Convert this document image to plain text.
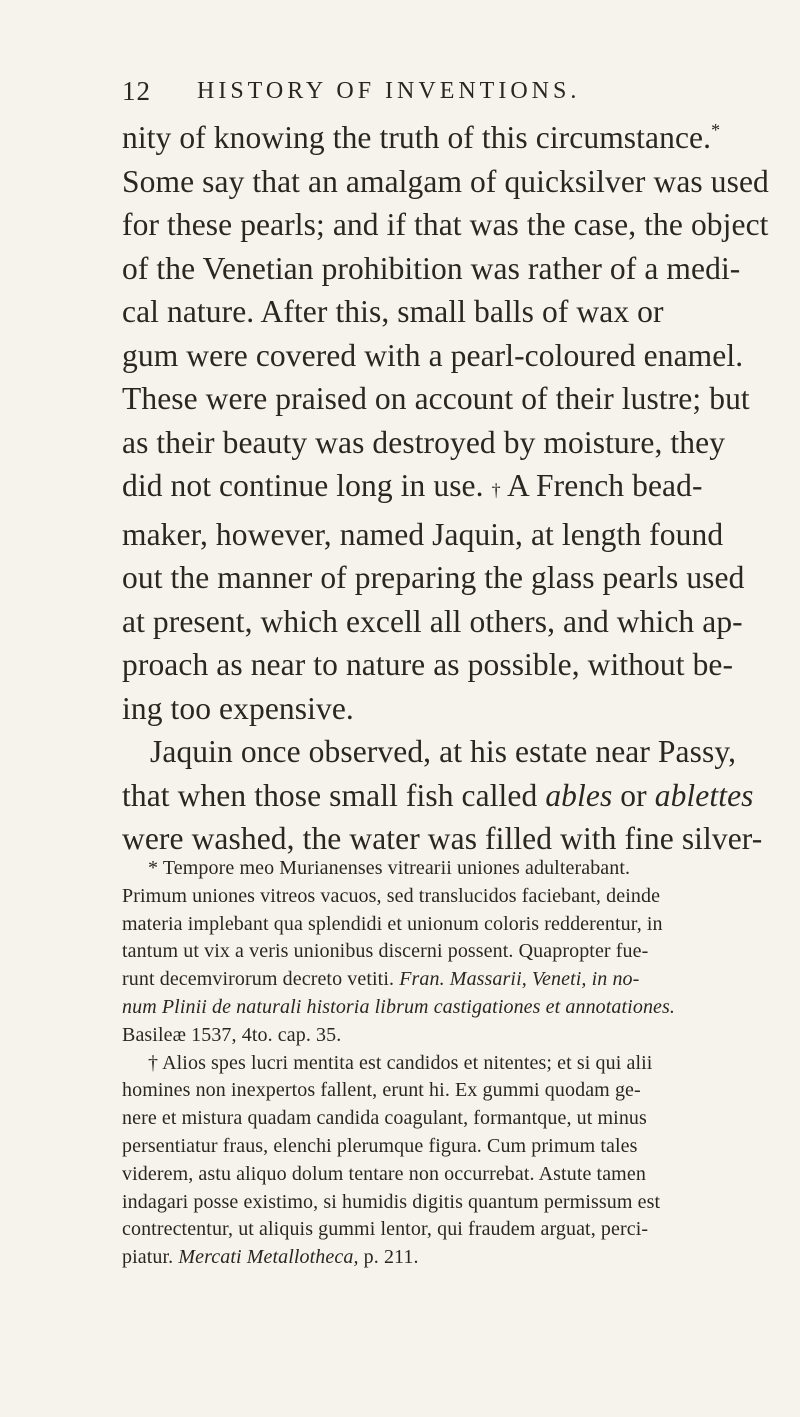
12 HISTORY OF INVENTIONS.
nity of knowing the truth of this circumstance.*
Some say that an amalgam of quicksilver was used
for these pearls; and if that was the case, the object
of the Venetian prohibition was rather of a medi-
cal nature. After this, small balls of wax or
gum were covered with a pearl-coloured enamel.
These were praised on account of their lustre; but
as their beauty was destroyed by moisture, they
did not continue long in use. † A French bead-
maker, however, named Jaquin, at length found
out the manner of preparing the glass pearls used
at present, which excell all others, and which ap-
proach as near to nature as possible, without be-
ing too expensive.
Jaquin once observed, at his estate near Passy,
that when those small fish called ables or ablettes
were washed, the water was filled with fine silver-
* Tempore meo Murianenses vitrearii uniones adulterabant.
Primum uniones vitreos vacuos, sed translucidos faciebant, deinde
materia implebant qua splendidi et unionum coloris redderentur, in
tantum ut vix a veris unionibus discerni possent. Quapropter fue-
runt decemvirorum decreto vetiti. Fran. Massarii, Veneti, in no-
num Plinii de naturali historia librum castigationes et annotationes.
Basileæ 1537, 4to. cap. 35.
† Alios spes lucri mentita est candidos et nitentes; et si qui alii
homines non inexpertos fallent, erunt hi. Ex gummi quodam ge-
nere et mistura quadam candida coagulant, formantque, ut minus
persentiatur fraus, elenchi plerumque figura. Cum primum tales
viderem, astu aliquo dolum tentare non occurrebat. Astute tamen
indagari posse existimo, si humidis digitis quantum permissum est
contrectentur, ut aliquis gummi lentor, qui fraudem arguat, perci-
piatur. Mercati Metallotheca, p. 211.
